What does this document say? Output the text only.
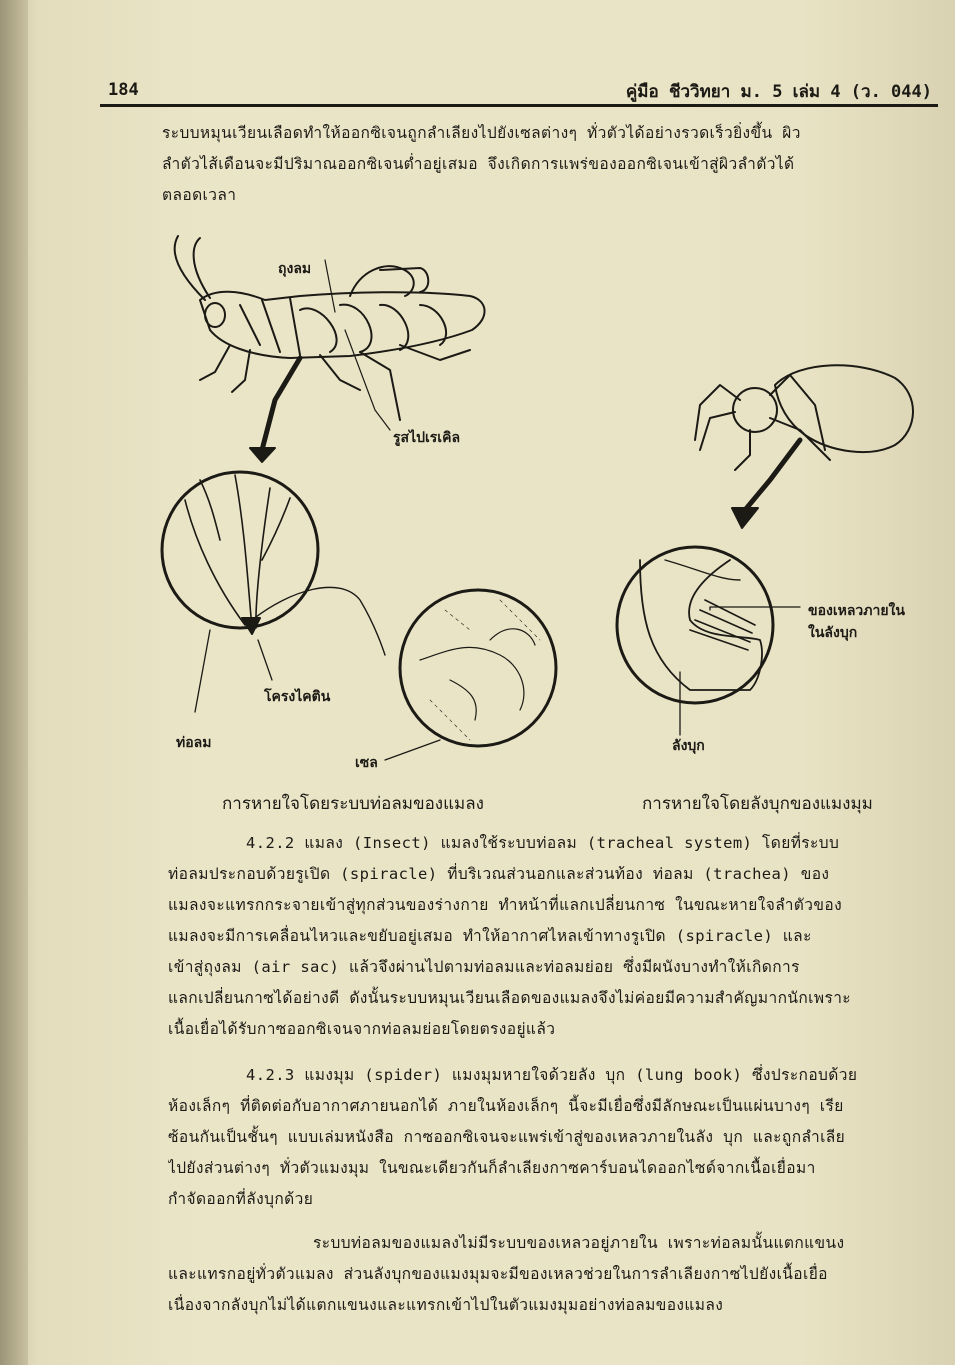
184	คู่มือ ชีววิทยา ม. 5 เล่ม 4 (ว. 044)
ระบบหมุนเวียนเลือดทำให้ออกซิเจนถูกลำเลียงไปยังเซลต่างๆ ทั่วตัวได้อย่างรวดเร็วยิ่งขึ้น ผิว
ลำตัวไส้เดือนจะมีปริมาณออกซิเจนต่ำอยู่เสมอ จึงเกิดการแพร่ของออกซิเจนเข้าสู่ผิวลำตัวได้
ตลอดเวลา
ถุงลม
รูสไปเรเคิล
โครงไคติน
ท่อลม
เซล
ของเหลวภายใน
ในลังบุก
ลังบุก
การหายใจโดยระบบท่อลมของแมลง	การหายใจโดยลังบุกของแมงมุม
4.2.2 แมลง (Insect) แมลงใช้ระบบท่อลม (tracheal system) โดยที่ระบบ
ท่อลมประกอบด้วยรูเปิด (spiracle) ที่บริเวณส่วนอกและส่วนท้อง ท่อลม (trachea) ของ
แมลงจะแทรกกระจายเข้าสู่ทุกส่วนของร่างกาย ทำหน้าที่แลกเปลี่ยนกาซ ในขณะหายใจลำตัวของ
แมลงจะมีการเคลื่อนไหวและขยับอยู่เสมอ ทำให้อากาศไหลเข้าทางรูเปิด (spiracle) และ
เข้าสู่ถุงลม (air sac) แล้วจึงผ่านไปตามท่อลมและท่อลมย่อย ซึ่งมีผนังบางทำให้เกิดการ
แลกเปลี่ยนกาซได้อย่างดี ดังนั้นระบบหมุนเวียนเลือดของแมลงจึงไม่ค่อยมีความสำคัญมากนักเพราะ
เนื้อเยื่อได้รับกาซออกซิเจนจากท่อลมย่อยโดยตรงอยู่แล้ว
4.2.3 แมงมุม (spider) แมงมุมหายใจด้วยลัง บุก (lung book) ซึ่งประกอบด้วย
ห้องเล็กๆ ที่ติดต่อกับอากาศภายนอกได้ ภายในห้องเล็กๆ นี้จะมีเยื่อซึ่งมีลักษณะเป็นแผ่นบางๆ เรีย
ซ้อนกันเป็นชั้นๆ แบบเล่มหนังสือ กาซออกซิเจนจะแพร่เข้าสู่ของเหลวภายในลัง บุก และถูกลำเลีย
ไปยังส่วนต่างๆ ทั่วตัวแมงมุม ในขณะเดียวกันก็ลำเลียงกาซคาร์บอนไดออกไซด์จากเนื้อเยื่อมา
กำจัดออกที่ลังบุกด้วย
ระบบท่อลมของแมลงไม่มีระบบของเหลวอยู่ภายใน เพราะท่อลมนั้นแตกแขนง
และแทรกอยู่ทั่วตัวแมลง ส่วนลังบุกของแมงมุมจะมีของเหลวช่วยในการลำเลียงกาซไปยังเนื้อเยื่อ
เนื่องจากลังบุกไม่ได้แตกแขนงและแทรกเข้าไปในตัวแมงมุมอย่างท่อลมของแมลง
